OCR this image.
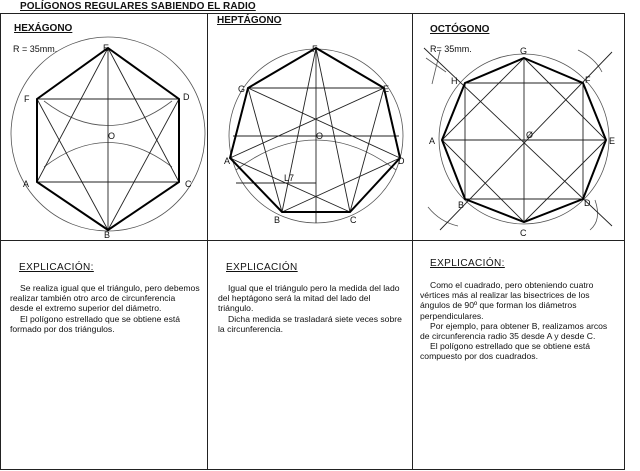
POLÍGONOS REGULARES SABIENDO EL RADIO
HEXÁGONO
R = 35mm.
O
E
D
C
B
A
F
HEPTÁGONO
O
L7
F
E
D
C
B
A
G
OCTÓGONO
R= 35mm.
Ø
G
F
E
D
C
B
A
H
EXPLICACIÓN:

Se realiza igual que el triángulo, pero debemos realizar también otro arco de circunferencia desde el extremo superior del diámetro.

El polígono estrellado que se obtiene está formado por dos triángulos.

EXPLICACIÓN

Igual que el triángulo pero la medida del lado del heptágono será la mitad del lado del triángulo.

Dicha medida se trasladará siete veces sobre la circunferencia.

EXPLICACIÓN:

Como el cuadrado, pero obteniendo cuatro vértices más al realizar las bisectrices de los ángulos de 90º que forman los diámetros perpendiculares.

Por ejemplo, para obtener B, realizamos arcos de circunferencia radio 35 desde A y desde C.

El polígono estrellado que se obtiene está compuesto por dos cuadrados.
